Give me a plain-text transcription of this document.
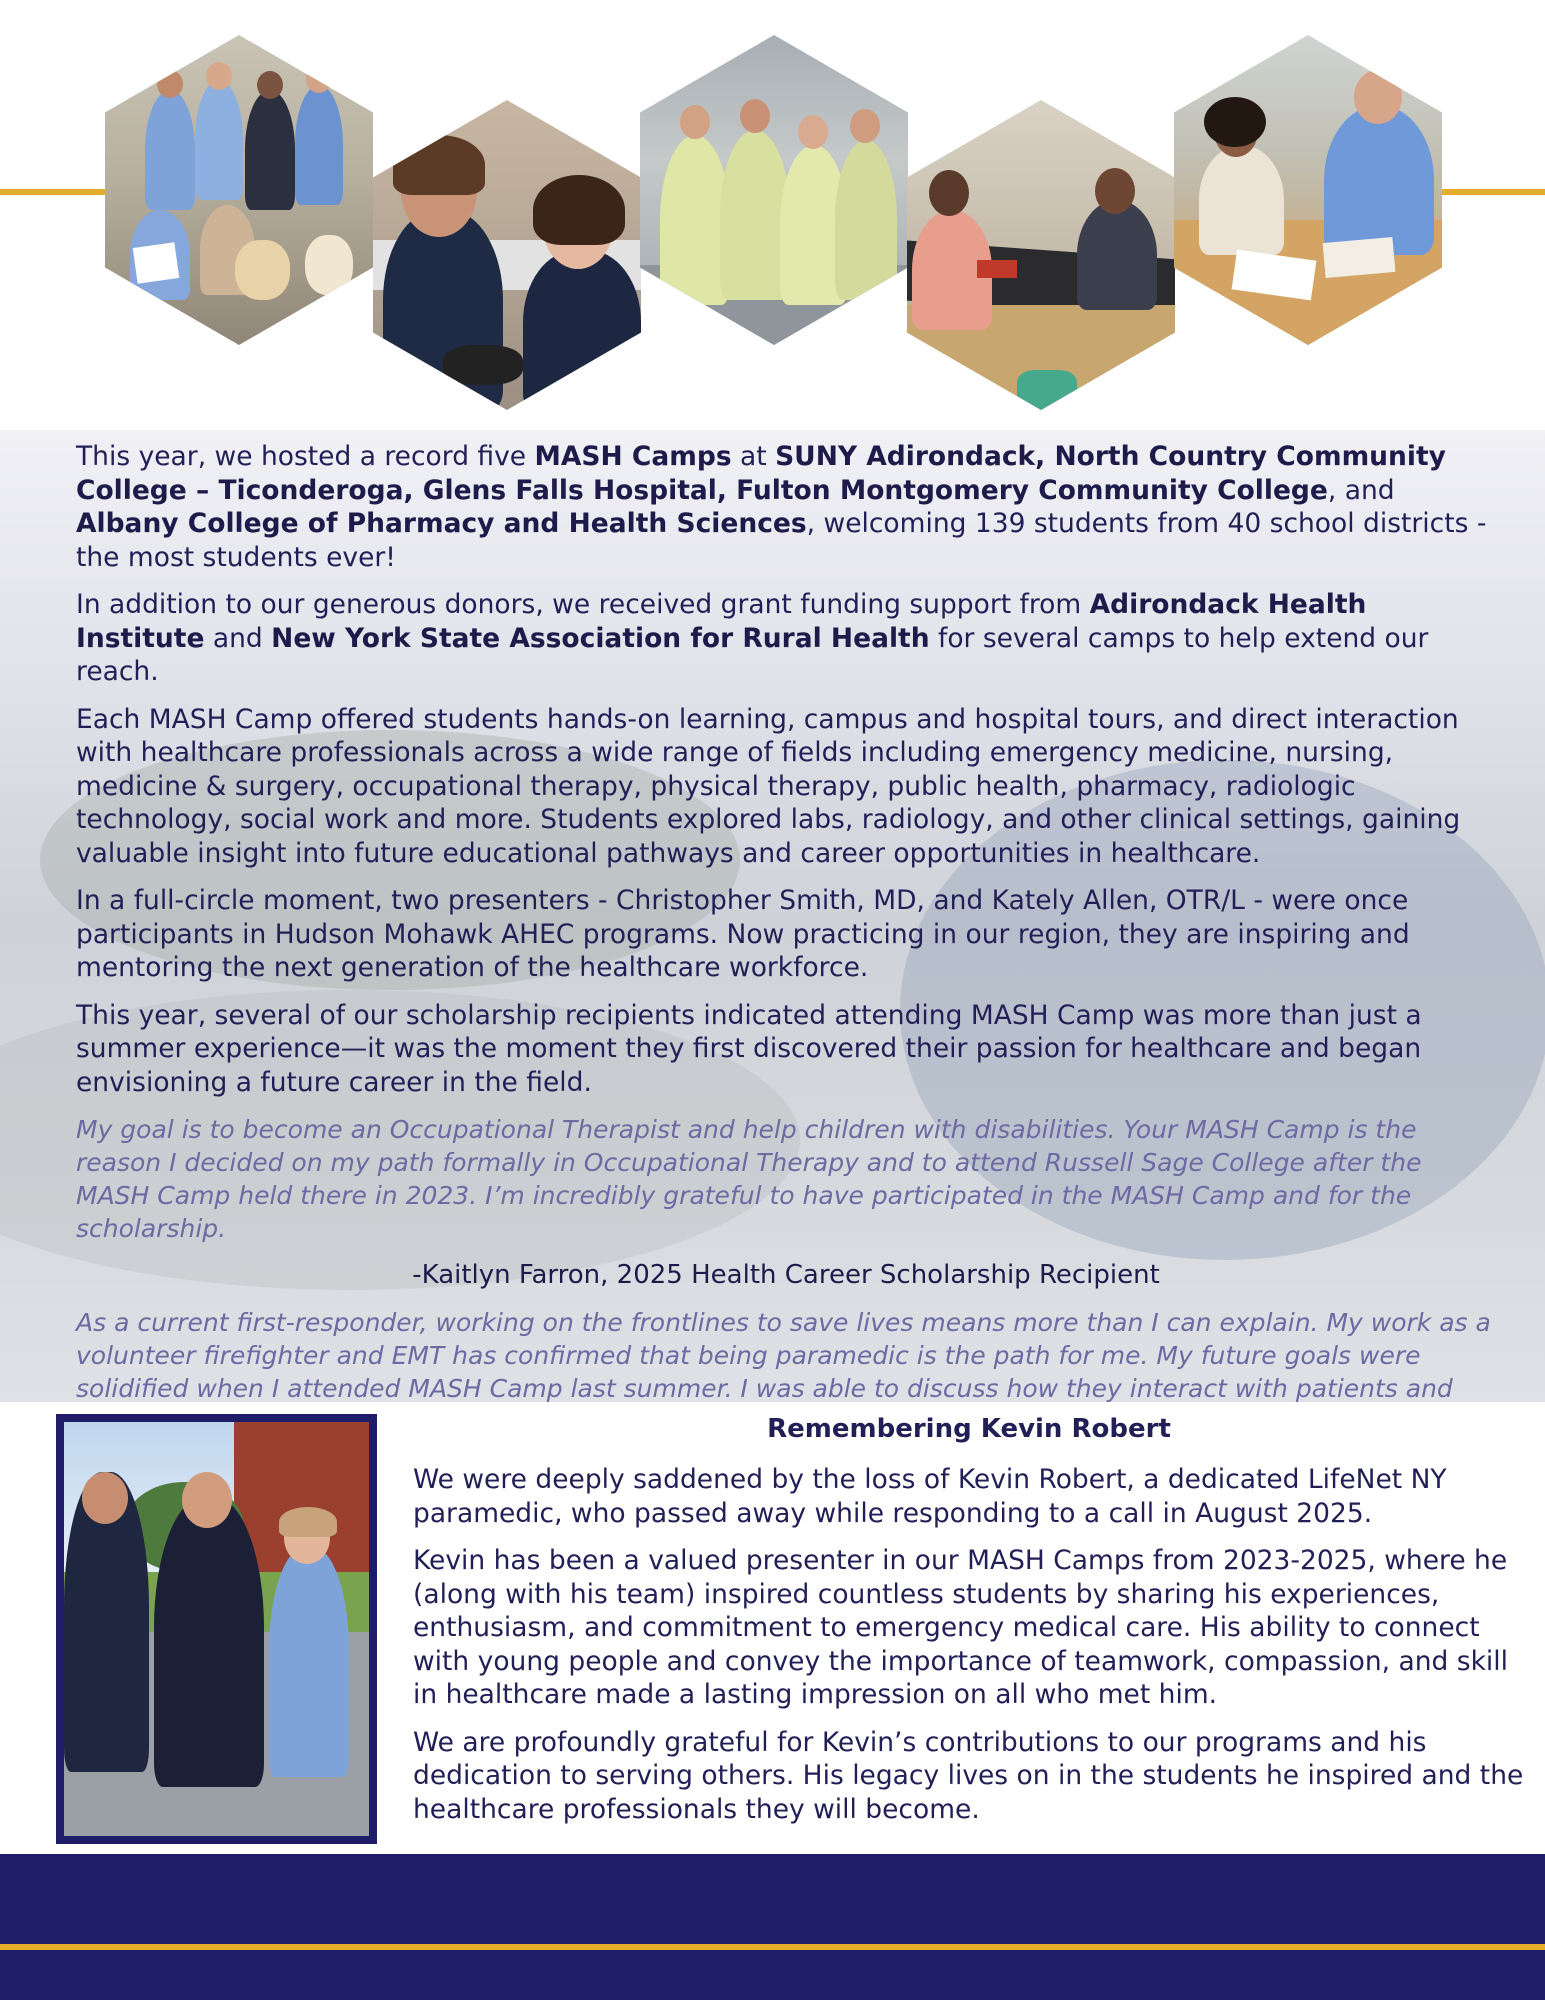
This year, we hosted a record five MASH Camps at SUNY Adirondack, North Country Community College – Ticonderoga, Glens Falls Hospital, Fulton Montgomery Community College, and Albany College of Pharmacy and Health Sciences, welcoming 139 students from 40 school districts - the most students ever!

In addition to our generous donors, we received grant funding support from Adirondack Health Institute and New York State Association for Rural Health for several camps to help extend our reach.

Each MASH Camp offered students hands-on learning, campus and hospital tours, and direct interaction with healthcare professionals across a wide range of fields including emergency medicine, nursing, medicine & surgery, occupational therapy, physical therapy, public health, pharmacy, radiologic technology, social work and more. Students explored labs, radiology, and other clinical settings, gaining valuable insight into future educational pathways and career opportunities in healthcare.

In a full-circle moment, two presenters - Christopher Smith, MD, and Kately Allen, OTR/L - were once participants in Hudson Mohawk AHEC programs. Now practicing in our region, they are inspiring and mentoring the next generation of the healthcare workforce.

This year, several of our scholarship recipients indicated attending MASH Camp was more than just a summer experience—it was the moment they first discovered their passion for healthcare and began envisioning a future career in the field.

My goal is to become an Occupational Therapist and help children with disabilities. Your MASH Camp is the reason I decided on my path formally in Occupational Therapy and to attend Russell Sage College after the MASH Camp held there in 2023. I’m incredibly grateful to have participated in the MASH Camp and for the scholarship.

-Kaitlyn Farron, 2025 Health Career Scholarship Recipient

As a current first-responder, working on the frontlines to save lives means more than I can explain. My work as a volunteer firefighter and EMT has confirmed that being paramedic is the path for me. My future goals were solidified when I attended MASH Camp last summer. I was able to discuss how they interact with patients and

Remembering Kevin Robert

We were deeply saddened by the loss of Kevin Robert, a dedicated LifeNet NY paramedic, who passed away while responding to a call in August 2025.

Kevin has been a valued presenter in our MASH Camps from 2023-2025, where he (along with his team) inspired countless students by sharing his experiences, enthusiasm, and commitment to emergency medical care. His ability to connect with young people and convey the importance of teamwork, compassion, and skill in healthcare made a lasting impression on all who met him.

We are profoundly grateful for Kevin’s contributions to our programs and his dedication to serving others. His legacy lives on in the students he inspired and the healthcare professionals they will become.
